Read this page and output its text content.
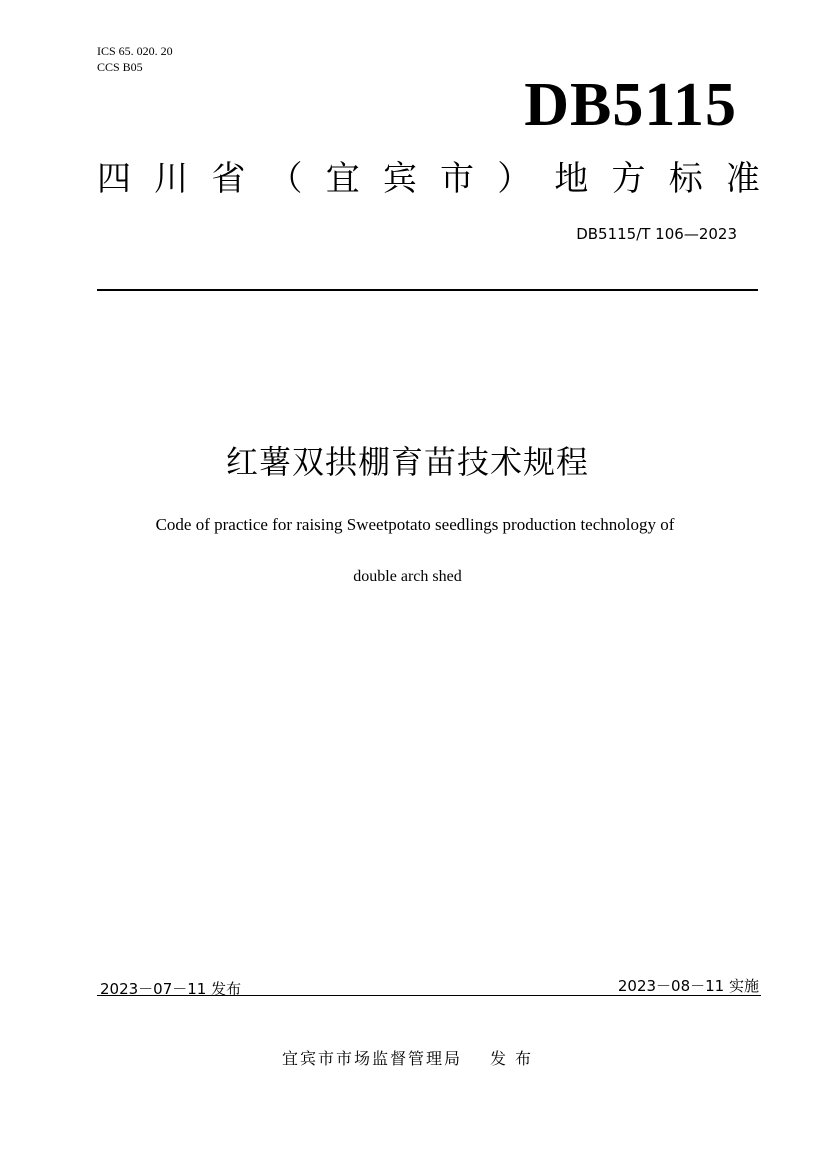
ICS 65. 020. 20
CCS B05
DB5115
四 川 省 （ 宜 宾 市 ） 地 方 标 准
DB5115/T 106—2023
红薯双拱棚育苗技术规程
Code of practice for raising Sweetpotato seedlings production technology of
double arch shed
2023－07－11 发布	2023－08－11 实施
宜宾市市场监督管理局 发 布
